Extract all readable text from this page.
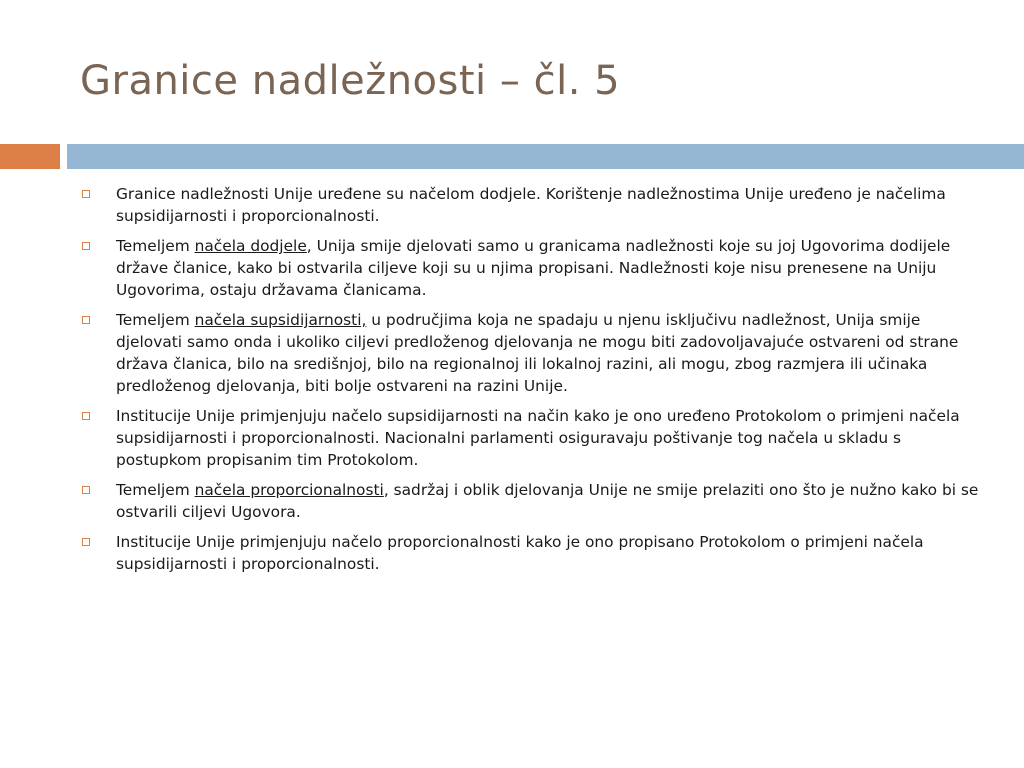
Granice nadležnosti – čl. 5
Granice nadležnosti Unije uređene su načelom dodjele. Korištenje nadležnostima Unije uređeno je načelima supsidijarnosti i proporcionalnosti.
Temeljem načela dodjele, Unija smije djelovati samo u granicama nadležnosti koje su joj Ugovorima dodijele države članice, kako bi ostvarila ciljeve koji su u njima propisani. Nadležnosti koje nisu prenesene na Uniju Ugovorima, ostaju državama članicama.
Temeljem načela supsidijarnosti, u područjima koja ne spadaju u njenu isključivu nadležnost, Unija smije djelovati samo onda i ukoliko ciljevi predloženog djelovanja ne mogu biti zadovoljavajuće ostvareni od strane država članica, bilo na središnjoj, bilo na regionalnoj ili lokalnoj razini, ali mogu, zbog razmjera ili učinaka predloženog djelovanja, biti bolje ostvareni na razini Unije.
Institucije Unije primjenjuju načelo supsidijarnosti na način kako je ono uređeno Protokolom o primjeni načela supsidijarnosti i proporcionalnosti. Nacionalni parlamenti osiguravaju poštivanje tog načela u skladu s postupkom propisanim tim Protokolom.
Temeljem načela proporcionalnosti, sadržaj i oblik djelovanja Unije ne smije prelaziti ono što je nužno kako bi se ostvarili ciljevi Ugovora.
Institucije Unije primjenjuju načelo proporcionalnosti kako je ono propisano Protokolom o primjeni načela supsidijarnosti i proporcionalnosti.
